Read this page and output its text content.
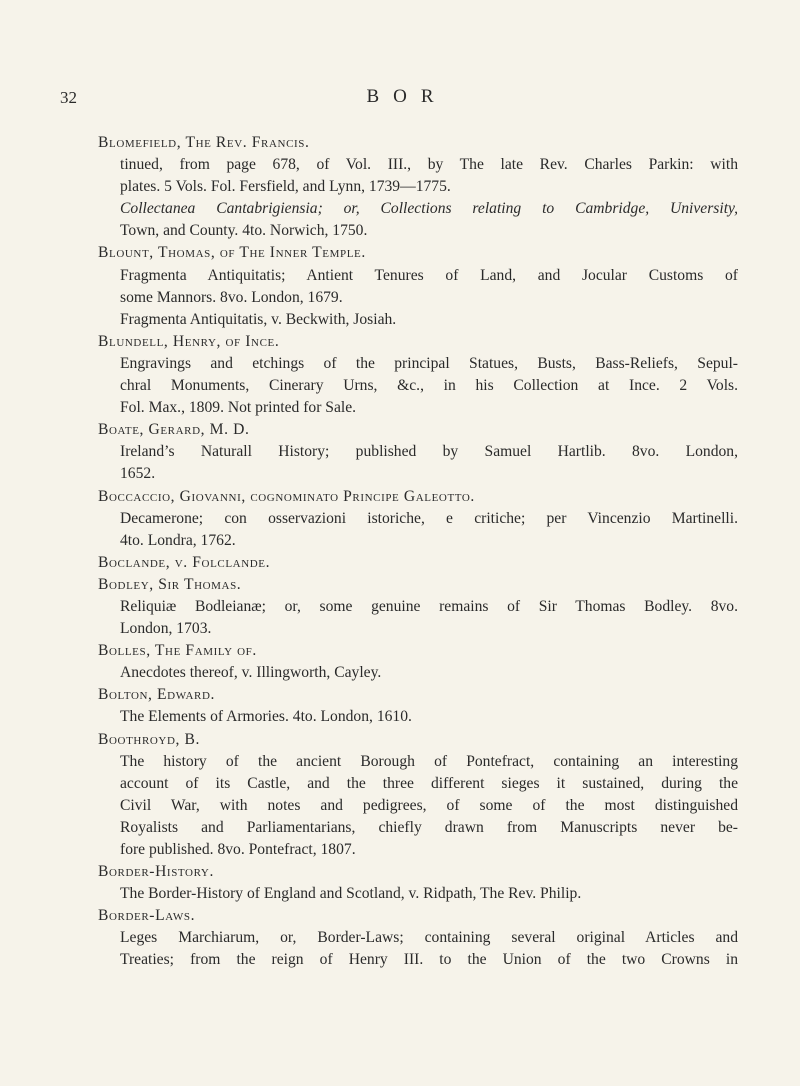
32	BOR
Blomefield, The Rev. Francis.
tinued, from page 678, of Vol. III., by The late Rev. Charles Parkin: with
plates. 5 Vols. Fol. Fersfield, and Lynn, 1739—1775.
Collectanea Cantabrigiensia; or, Collections relating to Cambridge, University,
Town, and County. 4to. Norwich, 1750.
Blount, Thomas, of The Inner Temple.
Fragmenta Antiquitatis; Antient Tenures of Land, and Jocular Customs of
some Mannors. 8vo. London, 1679.
Fragmenta Antiquitatis, v. Beckwith, Josiah.
Blundell, Henry, of Ince.
Engravings and etchings of the principal Statues, Busts, Bass-Reliefs, Sepul-
chral Monuments, Cinerary Urns, &c., in his Collection at Ince. 2 Vols.
Fol. Max., 1809. Not printed for Sale.
Boate, Gerard, M. D.
Ireland’s Naturall History; published by Samuel Hartlib. 8vo. London,
1652.
Boccaccio, Giovanni, cognominato Principe Galeotto.
Decamerone; con osservazioni istoriche, e critiche; per Vincenzio Martinelli.
4to. Londra, 1762.
Boclande, v. Folclande.
Bodley, Sir Thomas.
Reliquiæ Bodleianæ; or, some genuine remains of Sir Thomas Bodley. 8vo.
London, 1703.
Bolles, The Family of.
Anecdotes thereof, v. Illingworth, Cayley.
Bolton, Edward.
The Elements of Armories. 4to. London, 1610.
Boothroyd, B.
The history of the ancient Borough of Pontefract, containing an interesting
account of its Castle, and the three different sieges it sustained, during the
Civil War, with notes and pedigrees, of some of the most distinguished
Royalists and Parliamentarians, chiefly drawn from Manuscripts never be-
fore published. 8vo. Pontefract, 1807.
Border-History.
The Border-History of England and Scotland, v. Ridpath, The Rev. Philip.
Border-Laws.
Leges Marchiarum, or, Border-Laws; containing several original Articles and
Treaties; from the reign of Henry III. to the Union of the two Crowns in
